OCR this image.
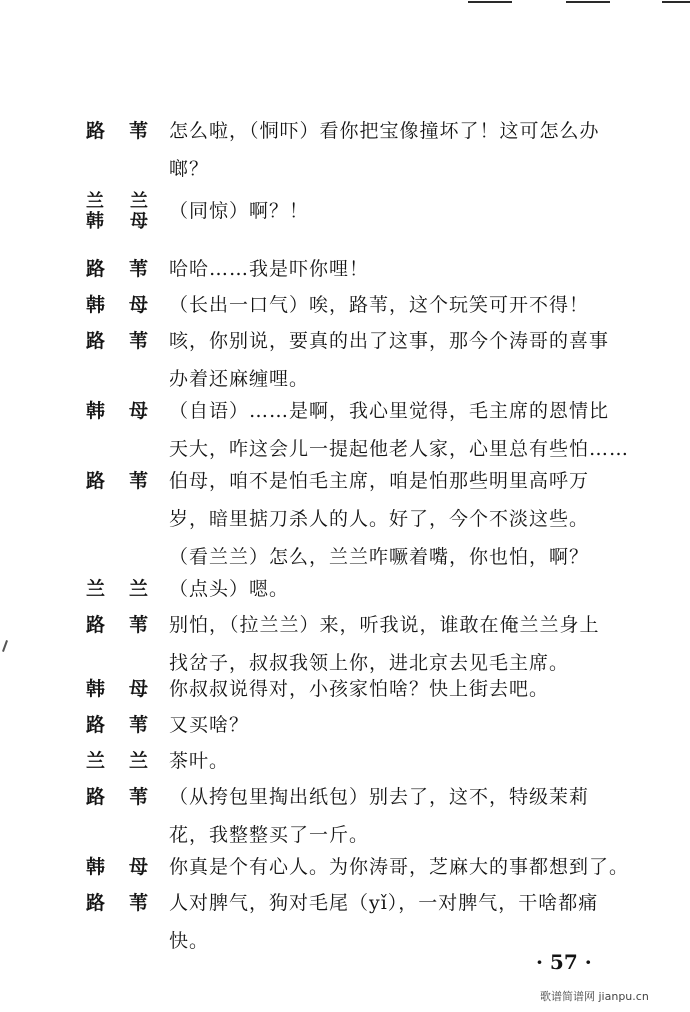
路 苇 怎么啦，（恫吓）看你把宝像撞坏了！这可怎么办
啷？
兰 兰
韩 母 （同惊）啊？！
路 苇 哈哈……我是吓你哩！
韩 母 （长出一口气）唉，路苇，这个玩笑可开不得！
路 苇 咳，你别说，要真的出了这事，那今个涛哥的喜事
办着还麻缠哩。
韩 母 （自语）……是啊，我心里觉得，毛主席的恩情比
天大，咋这会儿一提起他老人家，心里总有些怕……
路 苇 伯母，咱不是怕毛主席，咱是怕那些明里高呼万
岁，暗里掂刀杀人的人。好了，今个不淡这些。
（看兰兰）怎么，兰兰咋噘着嘴，你也怕，啊？
兰 兰 （点头）嗯。
路 苇 别怕，（拉兰兰）来，听我说，谁敢在俺兰兰身上
找岔子，叔叔我领上你，进北京去见毛主席。
韩 母 你叔叔说得对，小孩家怕啥？快上街去吧。
路 苇 又买啥？
兰 兰 茶叶。
路 苇 （从挎包里掏出纸包）别去了，这不，特级茉莉
花，我整整买了一斤。
韩 母 你真是个有心人。为你涛哥，芝麻大的事都想到了。
路 苇 人对脾气，狗对毛尾（yǐ），一对脾气，干啥都痛
快。
· 57 ·
歌谱简谱网 jianpu.cn
